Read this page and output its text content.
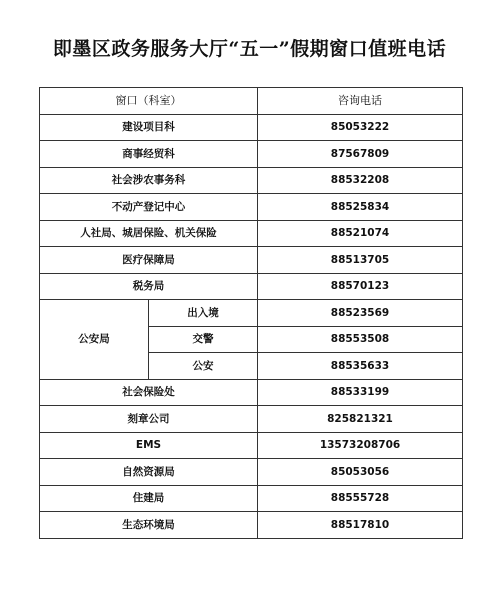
即墨区政务服务大厅“五一”假期窗口值班电话
窗口（科室）		咨询电话
建设项目科		85053222
商事经贸科		87567809
社会涉农事务科		88532208
不动产登记中心		88525834
人社局、城居保险、机关保险		88521074
医疗保障局		88513705
税务局		88570123
公安局	出入境	88523569
	交警	88553508
	公安	88535633
社会保险处		88533199
刻章公司		825821321
EMS		13573208706
自然资源局		85053056
住建局		88555728
生态环境局		88517810
